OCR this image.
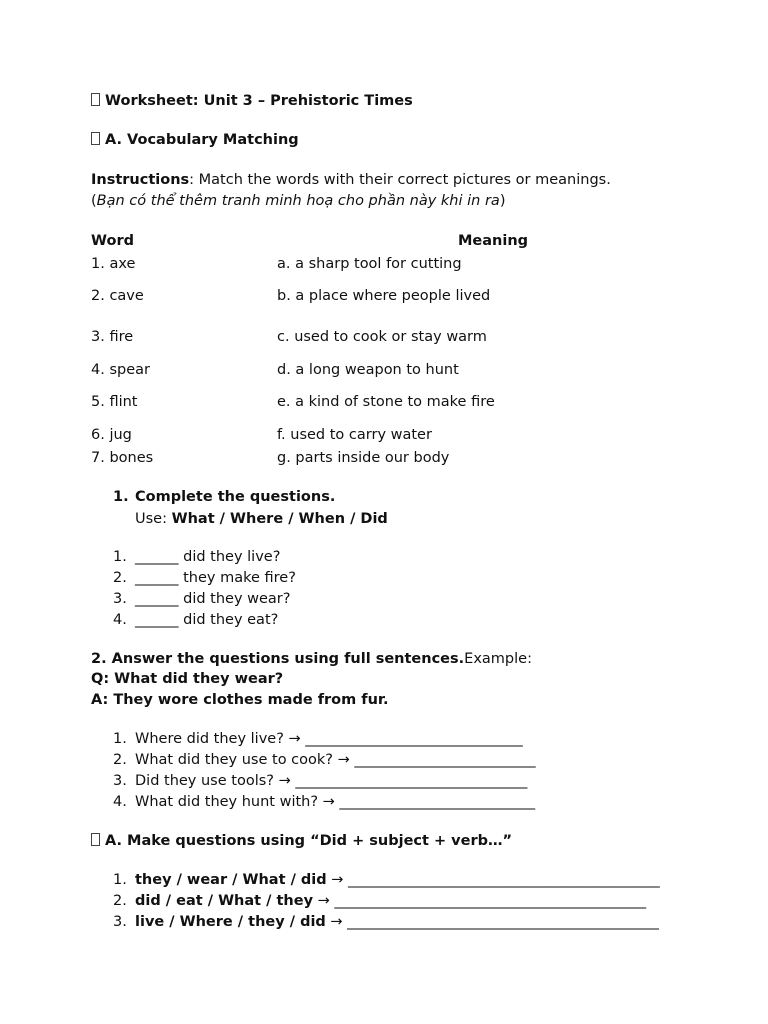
Worksheet: Unit 3 – Prehistoric Times
A. Vocabulary Matching
Instructions: Match the words with their correct pictures or meanings.
(Bạn có thể thêm tranh minh hoạ cho phần này khi in ra)
Word	Meaning
1. axe	a. a sharp tool for cutting
2. cave	b. a place where people lived
3. fire	c. used to cook or stay warm
4. spear	d. a long weapon to hunt
5. flint	e. a kind of stone to make fire
6. jug	f. used to carry water
7. bones	g. parts inside our body
1. Complete the questions.
Use: What / Where / When / Did
1. ______ did they live?
2. ______ they make fire?
3. ______ did they wear?
4. ______ did they eat?
2. Answer the questions using full sentences.Example:
Q: What did they wear?
A: They wore clothes made from fur.
1. Where did they live? → ______________________________
2. What did they use to cook? → _________________________
3. Did they use tools? → ________________________________
4. What did they hunt with? → ___________________________
A. Make questions using “Did + subject + verb…”
1. they / wear / What / did → ___________________________________________
2. did / eat / What / they → ___________________________________________
3. live / Where / they / did → ___________________________________________
